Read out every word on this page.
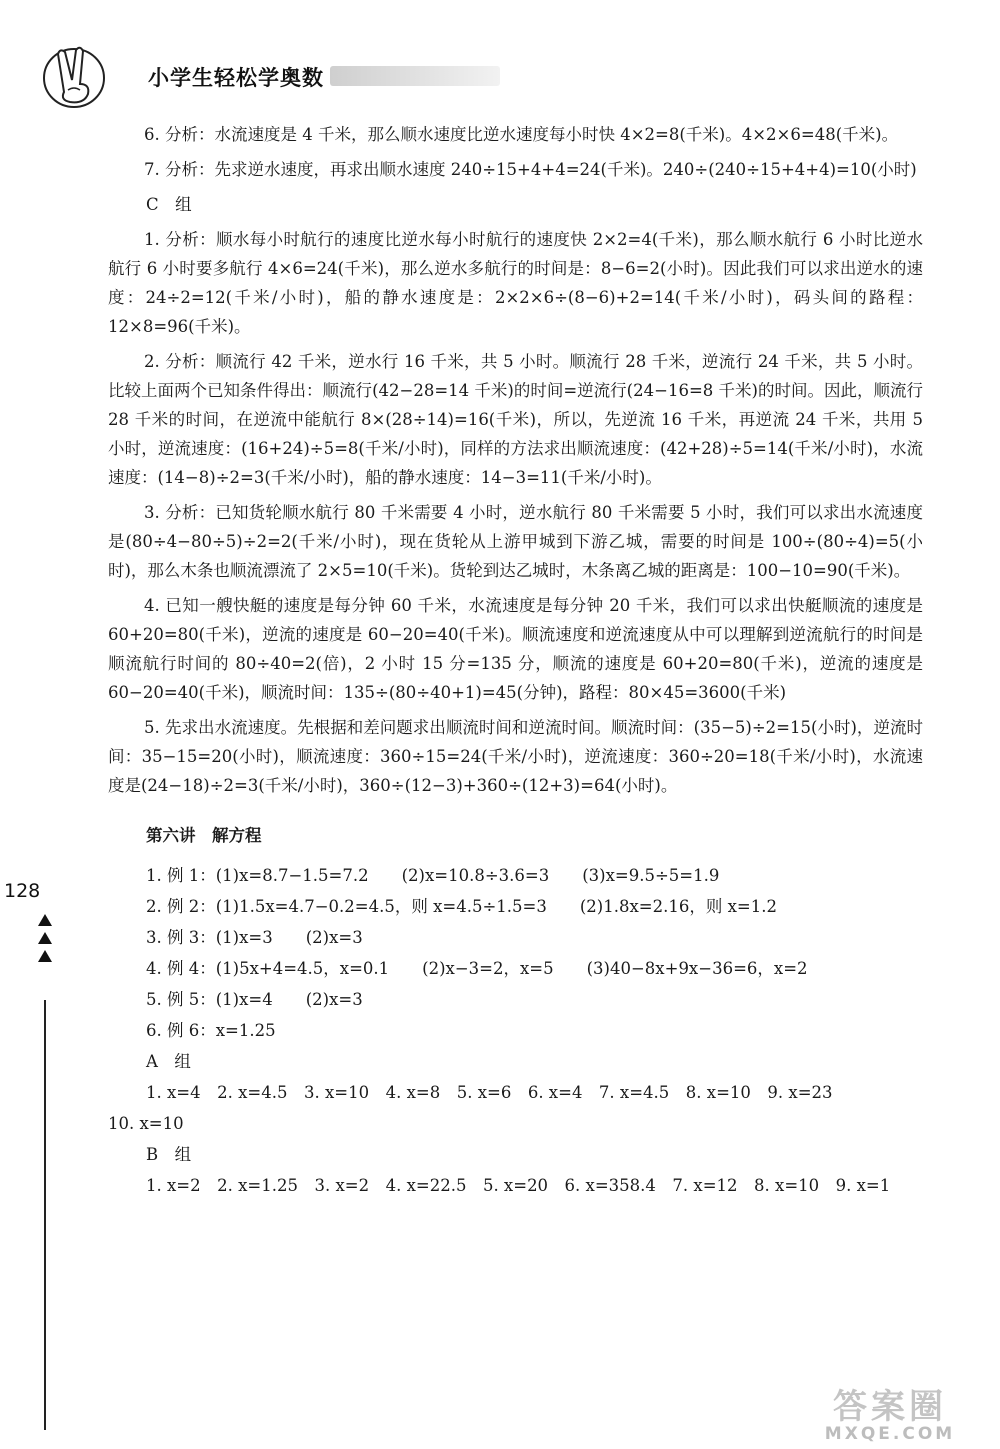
小学生轻松学奥数
128

6. 分析：水流速度是 4 千米，那么顺水速度比逆水速度每小时快 4×2=8(千米)。4×2×6=48(千米)。

7. 分析：先求逆水速度，再求出顺水速度 240÷15+4+4=24(千米)。240÷(240÷15+4+4)=10(小时)

C　组

1. 分析：顺水每小时航行的速度比逆水每小时航行的速度快 2×2=4(千米)，那么顺水航行 6 小时比逆水航行 6 小时要多航行 4×6=24(千米)，那么逆水多航行的时间是：8−6=2(小时)。因此我们可以求出逆水的速度：24÷2=12(千米/小时)，船的静水速度是：2×2×6÷(8−6)+2=14(千米/小时)，码头间的路程：12×8=96(千米)。

2. 分析：顺流行 42 千米，逆水行 16 千米，共 5 小时。顺流行 28 千米，逆流行 24 千米，共 5 小时。比较上面两个已知条件得出：顺流行(42−28=14 千米)的时间=逆流行(24−16=8 千米)的时间。因此，顺流行 28 千米的时间，在逆流中能航行 8×(28÷14)=16(千米)，所以，先逆流 16 千米，再逆流 24 千米，共用 5 小时，逆流速度：(16+24)÷5=8(千米/小时)，同样的方法求出顺流速度：(42+28)÷5=14(千米/小时)，水流速度：(14−8)÷2=3(千米/小时)，船的静水速度：14−3=11(千米/小时)。

3. 分析：已知货轮顺水航行 80 千米需要 4 小时，逆水航行 80 千米需要 5 小时，我们可以求出水流速度是(80÷4−80÷5)÷2=2(千米/小时)，现在货轮从上游甲城到下游乙城，需要的时间是 100÷(80÷4)=5(小时)，那么木条也顺流漂流了 2×5=10(千米)。货轮到达乙城时，木条离乙城的距离是：100−10=90(千米)。

4. 已知一艘快艇的速度是每分钟 60 千米，水流速度是每分钟 20 千米，我们可以求出快艇顺流的速度是 60+20=80(千米)，逆流的速度是 60−20=40(千米)。顺流速度和逆流速度从中可以理解到逆流航行的时间是顺流航行时间的 80÷40=2(倍)，2 小时 15 分=135 分，顺流的速度是 60+20=80(千米)，逆流的速度是 60−20=40(千米)，顺流时间：135÷(80÷40+1)=45(分钟)，路程：80×45=3600(千米)

5. 先求出水流速度。先根据和差问题求出顺流时间和逆流时间。顺流时间：(35−5)÷2=15(小时)，逆流时间：35−15=20(小时)，顺流速度：360÷15=24(千米/小时)，逆流速度：360÷20=18(千米/小时)，水流速度是(24−18)÷2=3(千米/小时)，360÷(12−3)+360÷(12+3)=64(小时)。

第六讲　解方程
1. 例 1：(1)x=8.7−1.5=7.2　　(2)x=10.8÷3.6=3　　(3)x=9.5÷5=1.9
2. 例 2：(1)1.5x=4.7−0.2=4.5，则 x=4.5÷1.5=3　　(2)1.8x=2.16，则 x=1.2
3. 例 3：(1)x=3　　(2)x=3
4. 例 4：(1)5x+4=4.5，x=0.1　　(2)x−3=2，x=5　　(3)40−8x+9x−36=6，x=2
5. 例 5：(1)x=4　　(2)x=3
6. 例 6：x=1.25
A　组
1. x=4　2. x=4.5　3. x=10　4. x=8　5. x=6　6. x=4　7. x=4.5　8. x=10　9. x=23
10. x=10
B　组
1. x=2　2. x=1.25　3. x=2　4. x=22.5　5. x=20　6. x=358.4　7. x=12　8. x=10　9. x=1
答案圈
MXQE.COM
